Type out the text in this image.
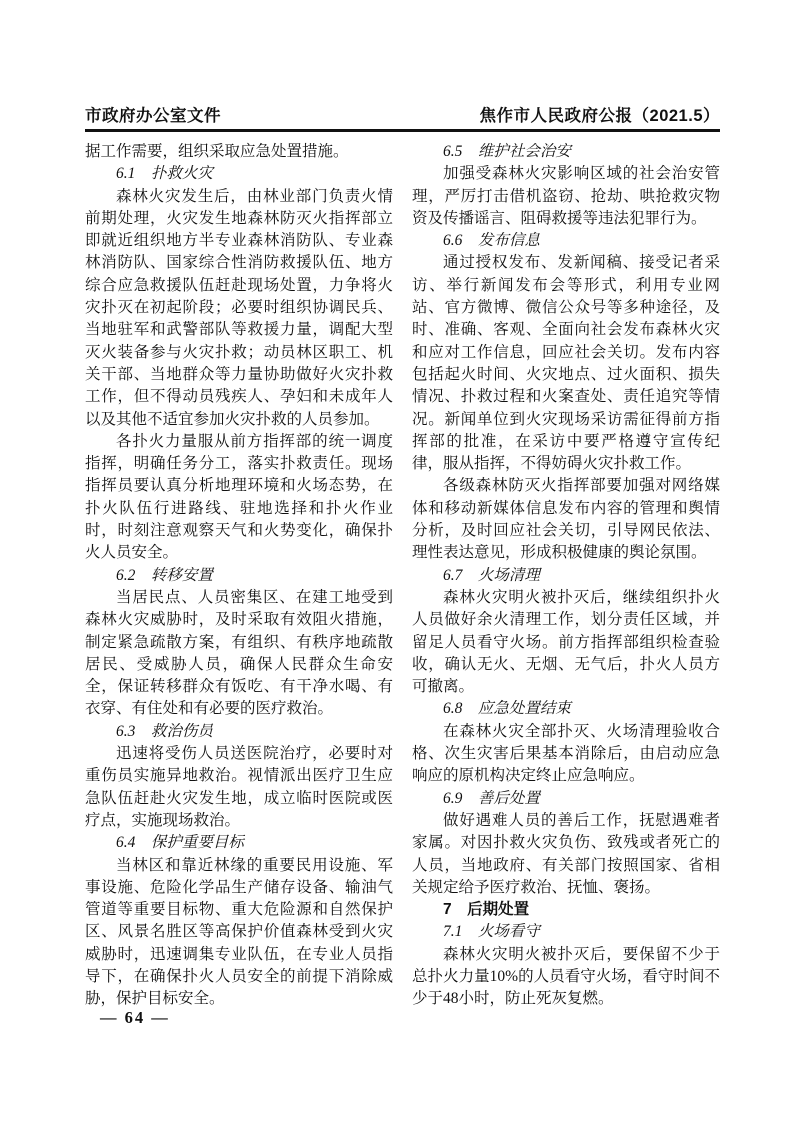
市政府办公室文件	焦作市人民政府公报（2021.5）

据工作需要，组织采取应急处置措施。

6.1　扑救火灾

森林火灾发生后，由林业部门负责火情前期处理，火灾发生地森林防灭火指挥部立即就近组织地方半专业森林消防队、专业森林消防队、国家综合性消防救援队伍、地方综合应急救援队伍赶赴现场处置，力争将火灾扑灭在初起阶段；必要时组织协调民兵、当地驻军和武警部队等救援力量，调配大型灭火装备参与火灾扑救；动员林区职工、机关干部、当地群众等力量协助做好火灾扑救工作，但不得动员残疾人、孕妇和未成年人以及其他不适宜参加火灾扑救的人员参加。

各扑火力量服从前方指挥部的统一调度指挥，明确任务分工，落实扑救责任。现场指挥员要认真分析地理环境和火场态势，在扑火队伍行进路线、驻地选择和扑火作业时，时刻注意观察天气和火势变化，确保扑火人员安全。

6.2　转移安置

当居民点、人员密集区、在建工地受到森林火灾威胁时，及时采取有效阻火措施，制定紧急疏散方案，有组织、有秩序地疏散居民、受威胁人员，确保人民群众生命安全，保证转移群众有饭吃、有干净水喝、有衣穿、有住处和有必要的医疗救治。

6.3　救治伤员

迅速将受伤人员送医院治疗，必要时对重伤员实施异地救治。视情派出医疗卫生应急队伍赶赴火灾发生地，成立临时医院或医疗点，实施现场救治。

6.4　保护重要目标

当林区和靠近林缘的重要民用设施、军事设施、危险化学品生产储存设备、输油气管道等重要目标物、重大危险源和自然保护区、风景名胜区等高保护价值森林受到火灾威胁时，迅速调集专业队伍，在专业人员指导下，在确保扑火人员安全的前提下消除威胁，保护目标安全。

6.5　维护社会治安

加强受森林火灾影响区域的社会治安管理，严厉打击借机盗窃、抢劫、哄抢救灾物资及传播谣言、阻碍救援等违法犯罪行为。

6.6　发布信息

通过授权发布、发新闻稿、接受记者采访、举行新闻发布会等形式，利用专业网站、官方微博、微信公众号等多种途径，及时、准确、客观、全面向社会发布森林火灾和应对工作信息，回应社会关切。发布内容包括起火时间、火灾地点、过火面积、损失情况、扑救过程和火案查处、责任追究等情况。新闻单位到火灾现场采访需征得前方指挥部的批准，在采访中要严格遵守宣传纪律，服从指挥，不得妨碍火灾扑救工作。

各级森林防灭火指挥部要加强对网络媒体和移动新媒体信息发布内容的管理和舆情分析，及时回应社会关切，引导网民依法、理性表达意见，形成积极健康的舆论氛围。

6.7　火场清理

森林火灾明火被扑灭后，继续组织扑火人员做好余火清理工作，划分责任区域，并留足人员看守火场。前方指挥部组织检查验收，确认无火、无烟、无气后，扑火人员方可撤离。

6.8　应急处置结束

在森林火灾全部扑灭、火场清理验收合格、次生灾害后果基本消除后，由启动应急响应的原机构决定终止应急响应。

6.9　善后处置

做好遇难人员的善后工作，抚慰遇难者家属。对因扑救火灾负伤、致残或者死亡的人员，当地政府、有关部门按照国家、省相关规定给予医疗救治、抚恤、褒扬。

7　后期处置

7.1　火场看守

森林火灾明火被扑灭后，要保留不少于总扑火力量10%的人员看守火场，看守时间不少于48小时，防止死灰复燃。

— 64 —
